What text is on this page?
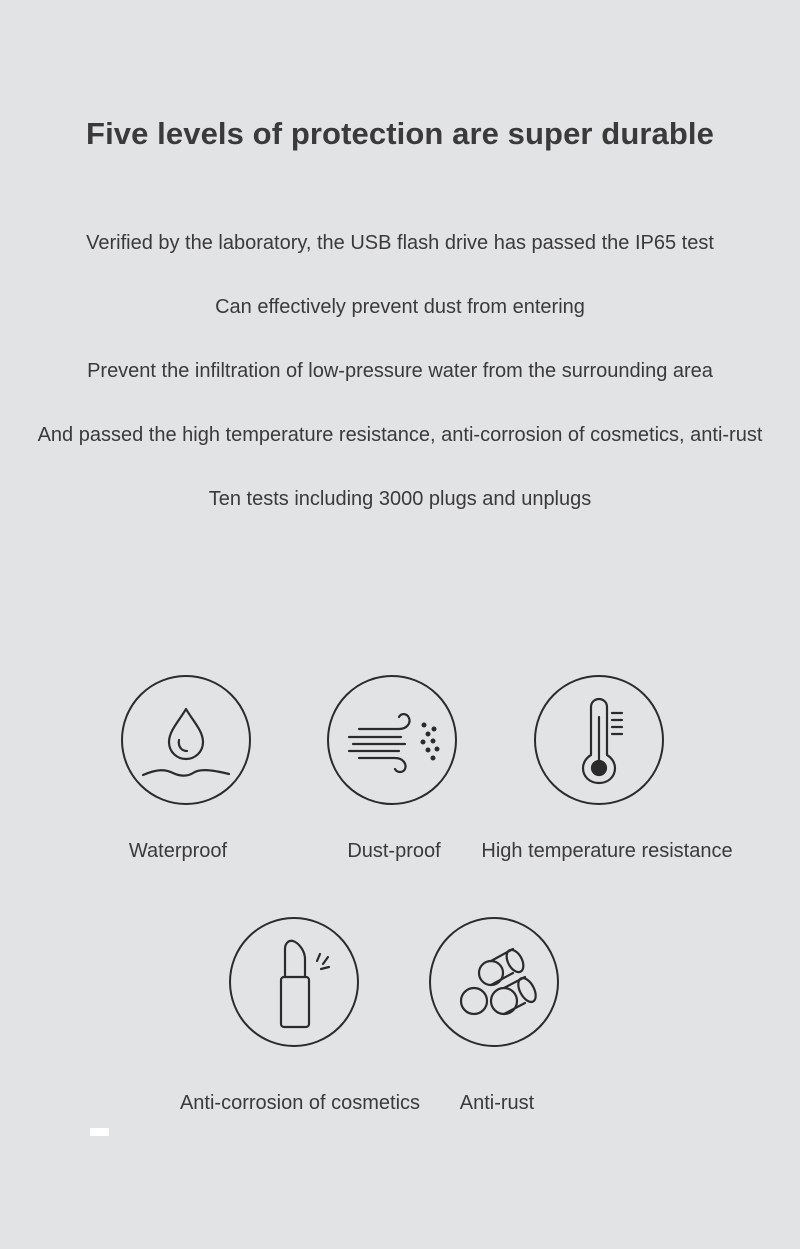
Five levels of protection are super durable

Verified by the laboratory, the USB flash drive has passed the IP65 test

Can effectively prevent dust from entering

Prevent the infiltration of low-pressure water from the surrounding area

And passed the high temperature resistance, anti-corrosion of cosmetics, anti-rust

Ten tests including 3000 plugs and unplugs

Waterproof	Dust-proof	High temperature resistance
Anti-corrosion of cosmetics	Anti-rust
